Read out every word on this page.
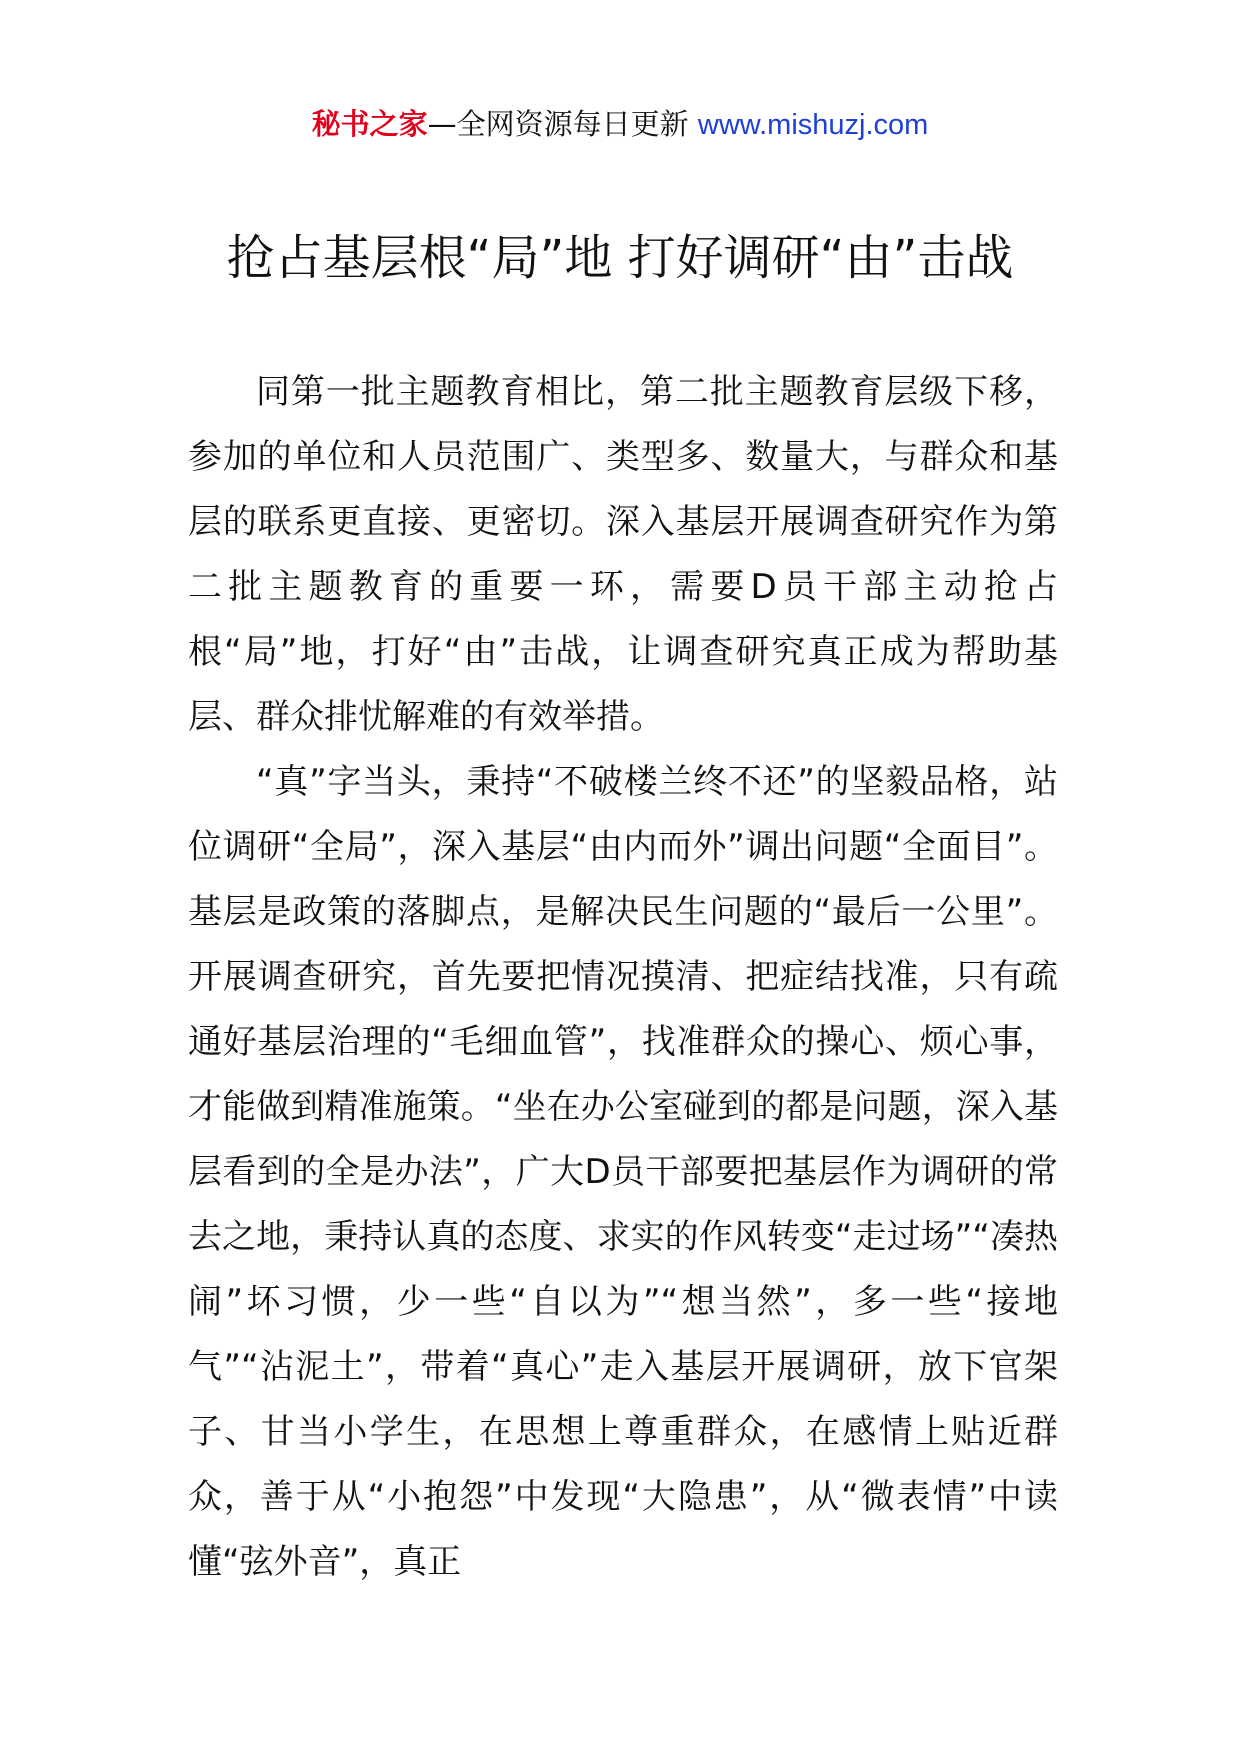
秘书之家—全网资源每日更新 www.mishuzj.com
抢占基层根“局”地 打好调研“由”击战

同第一批主题教育相比，第二批主题教育层级下移，参加的单位和人员范围广、类型多、数量大，与群众和基层的联系更直接、更密切。深入基层开展调查研究作为第二批主题教育的重要一环，需要D员干部主动抢占根“局”地，打好“由”击战，让调查研究真正成为帮助基层、群众排忧解难的有效举措。

“真”字当头，秉持“不破楼兰终不还”的坚毅品格，站位调研“全局”，深入基层“由内而外”调出问题“全面目”。基层是政策的落脚点，是解决民生问题的“最后一公里”。开展调查研究，首先要把情况摸清、把症结找准，只有疏通好基层治理的“毛细血管”，找准群众的操心、烦心事，才能做到精准施策。“坐在办公室碰到的都是问题，深入基层看到的全是办法”，广大D员干部要把基层作为调研的常去之地，秉持认真的态度、求实的作风转变“走过场”“凑热闹”坏习惯，少一些“自以为”“想当然”，多一些“接地气”“沾泥土”，带着“真心”走入基层开展调研，放下官架子、甘当小学生，在思想上尊重群众，在感情上贴近群众，善于从“小抱怨”中发现“大隐患”，从“微表情”中读懂“弦外音”，真正
